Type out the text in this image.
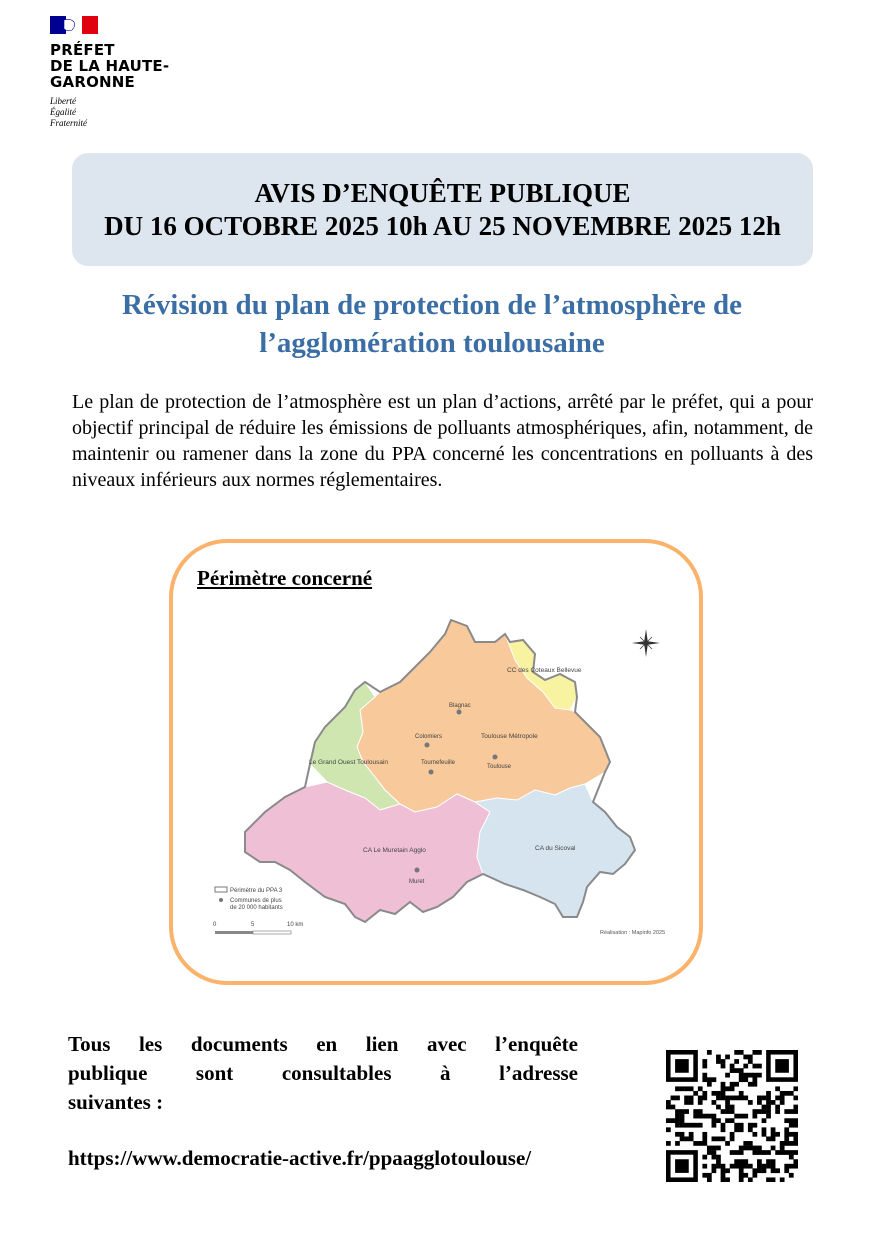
PRÉFET
DE LA HAUTE-
GARONNE
Liberté
Égalité
Fraternité
AVIS D’ENQUÊTE PUBLIQUE
DU 16 OCTOBRE 2025 10h AU 25 NOVEMBRE 2025 12h
Révision du plan de protection de l’atmosphère de
l’agglomération toulousaine
Le plan de protection de l’atmosphère est un plan d’actions, arrêté par le préfet, qui a pour objectif principal de réduire les émissions de polluants atmosphériques, afin, notamment, de maintenir ou ramener dans la zone du PPA concerné les concentrations en polluants à des niveaux inférieurs aux normes réglementaires.
Périmètre concerné
CC des Coteaux Bellevue
Blagnac
Colomiers	Toulouse Métropole
Le Grand Ouest Toulousain	Tournefeuille
Toulouse
CA Le Muretain Agglo
Muret
CA du Sicoval
Périmètre du PPA 3
Communes de plus
de 20 000 habitants
0	5	10 km
Réalisation : Mapinfo 2025
Tous les documents en lien avec l’enquête
publique sont consultables à l’adresse
suivantes :
https://www.democratie-active.fr/ppaagglotoulouse/
